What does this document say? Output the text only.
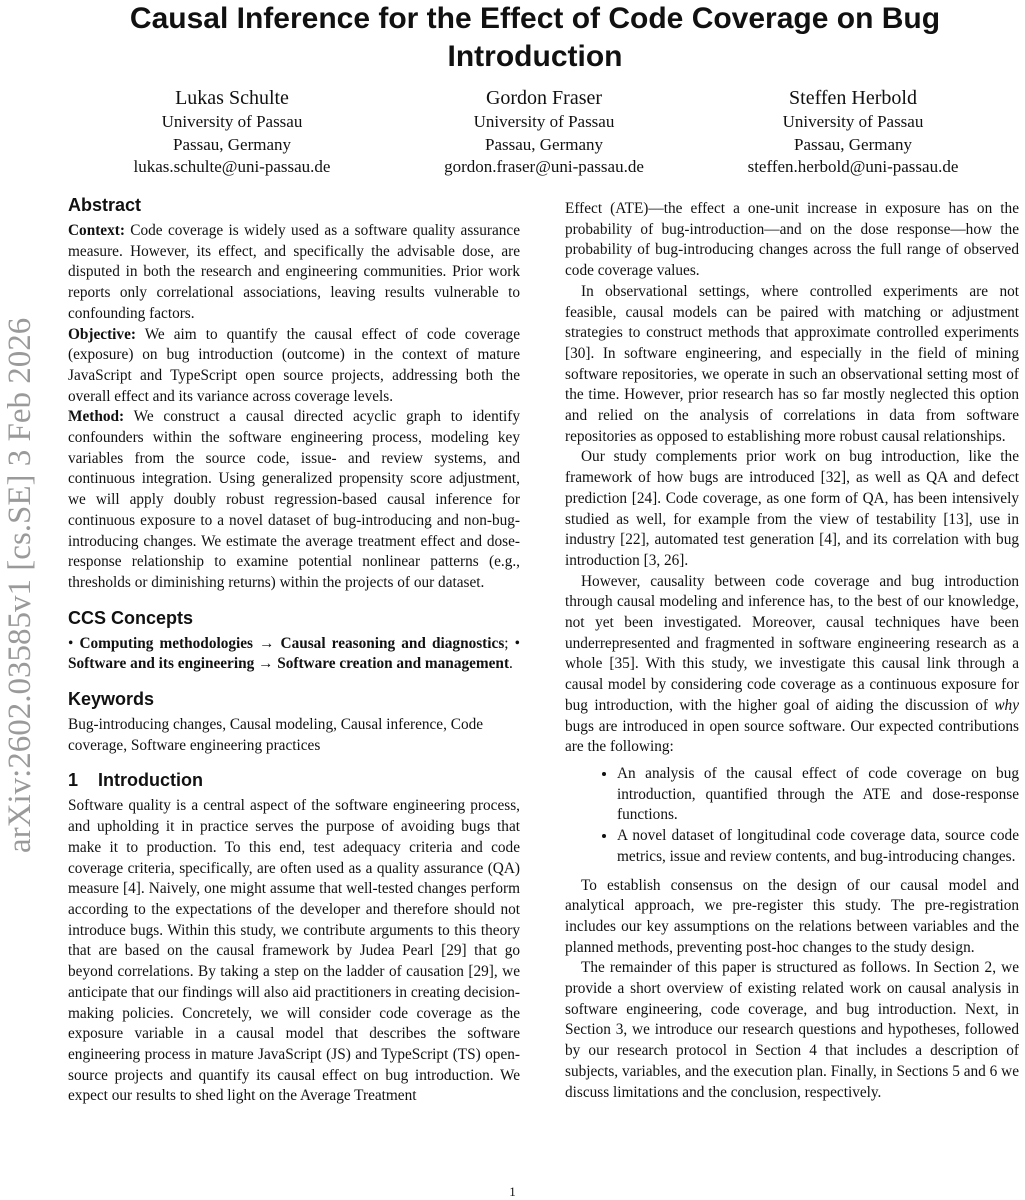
arXiv:2602.03585v1 [cs.SE] 3 Feb 2026
Causal Inference for the Effect of Code Coverage on Bug Introduction
Lukas Schulte
University of Passau
Passau, Germany
lukas.schulte@uni-passau.de
Gordon Fraser
University of Passau
Passau, Germany
gordon.fraser@uni-passau.de
Steffen Herbold
University of Passau
Passau, Germany
steffen.herbold@uni-passau.de
Abstract

Context: Code coverage is widely used as a software quality assurance measure. However, its effect, and specifically the advisable dose, are disputed in both the research and engineering communities. Prior work reports only correlational associations, leaving results vulnerable to confounding factors.

Objective: We aim to quantify the causal effect of code coverage (exposure) on bug introduction (outcome) in the context of mature JavaScript and TypeScript open source projects, addressing both the overall effect and its variance across coverage levels.

Method: We construct a causal directed acyclic graph to identify confounders within the software engineering process, modeling key variables from the source code, issue- and review systems, and continuous integration. Using generalized propensity score adjustment, we will apply doubly robust regression-based causal inference for continuous exposure to a novel dataset of bug-introducing and non-bug-introducing changes. We estimate the average treatment effect and dose-response relationship to examine potential nonlinear patterns (e.g., thresholds or diminishing returns) within the projects of our dataset.

CCS Concepts

• Computing methodologies → Causal reasoning and diagnostics; • Software and its engineering → Software creation and management.

Keywords

Bug-introducing changes, Causal modeling, Causal inference, Code coverage, Software engineering practices

1    Introduction

Software quality is a central aspect of the software engineering process, and upholding it in practice serves the purpose of avoiding bugs that make it to production. To this end, test adequacy criteria and code coverage criteria, specifically, are often used as a quality assurance (QA) measure [4]. Naively, one might assume that well-tested changes perform according to the expectations of the developer and therefore should not introduce bugs. Within this study, we contribute arguments to this theory that are based on the causal framework by Judea Pearl [29] that go beyond correlations. By taking a step on the ladder of causation [29], we anticipate that our findings will also aid practitioners in creating decision-making policies. Concretely, we will consider code coverage as the exposure variable in a causal model that describes the software engineering process in mature JavaScript (JS) and TypeScript (TS) open-source projects and quantify its causal effect on bug introduction. We expect our results to shed light on the Average Treatment

Effect (ATE)—the effect a one-unit increase in exposure has on the probability of bug-introduction—and on the dose response—how the probability of bug-introducing changes across the full range of observed code coverage values.

In observational settings, where controlled experiments are not feasible, causal models can be paired with matching or adjustment strategies to construct methods that approximate controlled experiments [30]. In software engineering, and especially in the field of mining software repositories, we operate in such an observational setting most of the time. However, prior research has so far mostly neglected this option and relied on the analysis of correlations in data from software repositories as opposed to establishing more robust causal relationships.

Our study complements prior work on bug introduction, like the framework of how bugs are introduced [32], as well as QA and defect prediction [24]. Code coverage, as one form of QA, has been intensively studied as well, for example from the view of testability [13], use in industry [22], automated test generation [4], and its correlation with bug introduction [3, 26].

However, causality between code coverage and bug introduction through causal modeling and inference has, to the best of our knowledge, not yet been investigated. Moreover, causal techniques have been underrepresented and fragmented in software engineering research as a whole [35]. With this study, we investigate this causal link through a causal model by considering code coverage as a continuous exposure for bug introduction, with the higher goal of aiding the discussion of why bugs are introduced in open source software. Our expected contributions are the following:

• An analysis of the causal effect of code coverage on bug introduction, quantified through the ATE and dose-response functions.
• A novel dataset of longitudinal code coverage data, source code metrics, issue and review contents, and bug-introducing changes.

To establish consensus on the design of our causal model and analytical approach, we pre-register this study. The pre-registration includes our key assumptions on the relations between variables and the planned methods, preventing post-hoc changes to the study design.

The remainder of this paper is structured as follows. In Section 2, we provide a short overview of existing related work on causal analysis in software engineering, code coverage, and bug introduction. Next, in Section 3, we introduce our research questions and hypotheses, followed by our research protocol in Section 4 that includes a description of subjects, variables, and the execution plan. Finally, in Sections 5 and 6 we discuss limitations and the conclusion, respectively.

1
